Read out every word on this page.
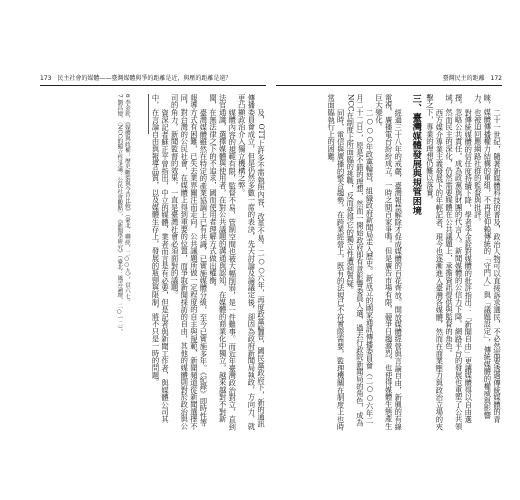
173 民主社會的媒體——臺灣媒體與爭的距離是近，與壓的距離是遠？

及，OTT上許多不需執照內容，改革不易。二○○六年，再度政黨輪替，國民黨政府下，新的通訊傳播委員會成立，但是仍然多數一席的表決，先天討論及論議定後，卻因為政府新聞局執政，方向力，就更凸顯政治介入獨立機構之弊。

媒體內容的規範有限，監督不易，管制空間也被大幅削弱，是一件難事。而近年臺灣政治對立，直到法官通識，選擇媒體與使用者，在對公共議題的溝通與認知，在媒體的商業化中獨立，越來越對不對新聞，在無法律之下的不追求，國而使用者理解方式做出權衡。

臺灣媒體雖然在特定的產業協調上已有共識，已實施媒體分級，至今已實施多年。《紀錄》即時性等報導方式有困難，已失去業界關注而走向。公共議題所做一定程度的自主與規範，新聞頻道從新聞選擇不同，對台灣的公民社會，在媒體上得到重要的位置，而爭取新聞採訪的自由，其他的媒體則對於政治與公司的角力，新聞監督的效果，一直是臺灣社會必須面對的議題。

資深記者蘇正平曾指出，中立的媒體，業者而言是有必要，但是記者與新聞工作者，與媒體公司其中，在言論自由與報導品質，以及媒體生存上，發展的瓶頸與限制，將不只是一時的問題。

6 李金銓，《媒體與政權：歷史斷裂與今昔比較》（臺北：聯經，二○○九），頁六七。

7 劉昌德，〈NCC的獨立性爭議：公民社會觀點〉，《新聞學研究》（臺北：風雲論壇，二○一二）。

臺灣民主的距離 172

二十一世紀，隨著新媒體科技的普及，政治人物可以直接訴求選民，不必然需要透過傳統媒體的青睞，媒體傳播權力結構的重組，不再是仰賴傳統的「守門人」與「議題設定」，傳統媒體的權威與影響力，也被迫回應網路社群的監督與批評。

對傳統媒體的信任度持續下降，學者李金銓對媒體的批評指出：「新聞自由」更讓媒體得以自由選擇，忽略公共責任，成為政黨與財團的代言人。新聞媒體的公信力下降，網路平台的發展也重塑了公共領域，然而民主的深化，仍然需要媒體在公共議題上，承擔資訊提供與監督的角色。

西方媒介專業主義發展下的年輕記者，現今也逐漸進入臺灣各媒體，然而在商業壓力與政治立場的夾擊之下，專業的理想仍難以落實。

三、臺灣媒體發展與規管困境

經過三十八年的戒嚴，臺灣報禁解除才促成媒體的百花齊放。開放媒體經營與言論自由，新興的有線電視、廣播電台紛紛成立，一時之間百家爭鳴，但是廣告市場有限，競爭日趨激烈，也使得媒體生態產生巨大變化。

二○○○年政黨輪替，組織政府新聞局走入歷史。新成立的國家通訊傳播委員會（二○○六年二月二十二日），原是不錯的理想，然而一開始政府即有意影響委員人選，過去行政院新聞局的角色，成為NCC在制度上所面臨的挑戰，反而使得它的獨立性遭到質疑。

同時，電信與廣播的整合趨勢，在跨業經營上，既有的法規已不符實際需要，監理機關在制度上也時常面臨執行上的困難。
